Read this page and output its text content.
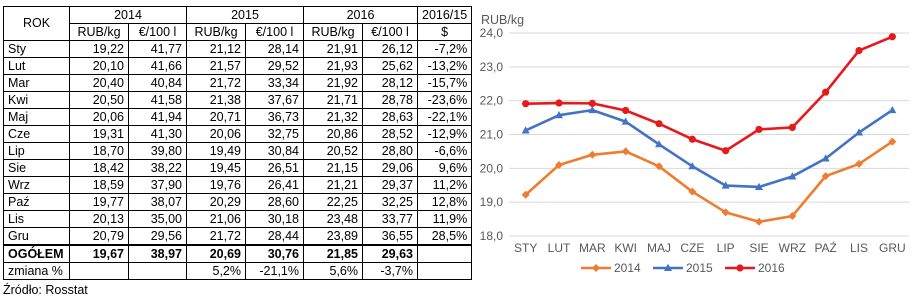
ROK	2014		2015		2016		2016/15
	RUB/kg	€/100 l	RUB/kg	€/100 l	RUB/kg	€/100 l	$
Sty	19,22	41,77	21,12	28,14	21,91	26,12	-7,2%
Lut	20,10	41,66	21,57	29,52	21,93	25,62	-13,2%
Mar	20,40	40,84	21,72	33,34	21,92	28,12	-15,7%
Kwi	20,50	41,58	21,38	37,67	21,71	28,78	-23,6%
Maj	20,06	41,94	20,71	36,73	21,32	28,63	-22,1%
Cze	19,31	41,30	20,06	32,75	20,86	28,52	-12,9%
Lip	18,70	39,80	19,49	30,84	20,52	28,80	-6,6%
Sie	18,42	38,22	19,45	26,51	21,15	29,06	9,6%
Wrz	18,59	37,90	19,76	26,41	21,21	29,37	11,2%
Paź	19,77	38,07	20,29	28,60	22,25	32,25	12,8%
Lis	20,13	35,00	21,06	30,18	23,48	33,77	11,9%
Gru	20,79	29,56	21,72	28,44	23,89	36,55	28,5%
OGÓŁEM	19,67	38,97	20,69	30,76	21,85	29,63	
zmiana %			5,2%	-21,1%	5,6%	-3,7%	
Źródło: Rosstat
RUB/kg
18,0
19,0
20,0
21,0
22,0
23,0
24,0
STY LUT MAR KWI MAJ CZE LIP SIE WRZ PAŹ LIS GRU
2014	2015	2016
